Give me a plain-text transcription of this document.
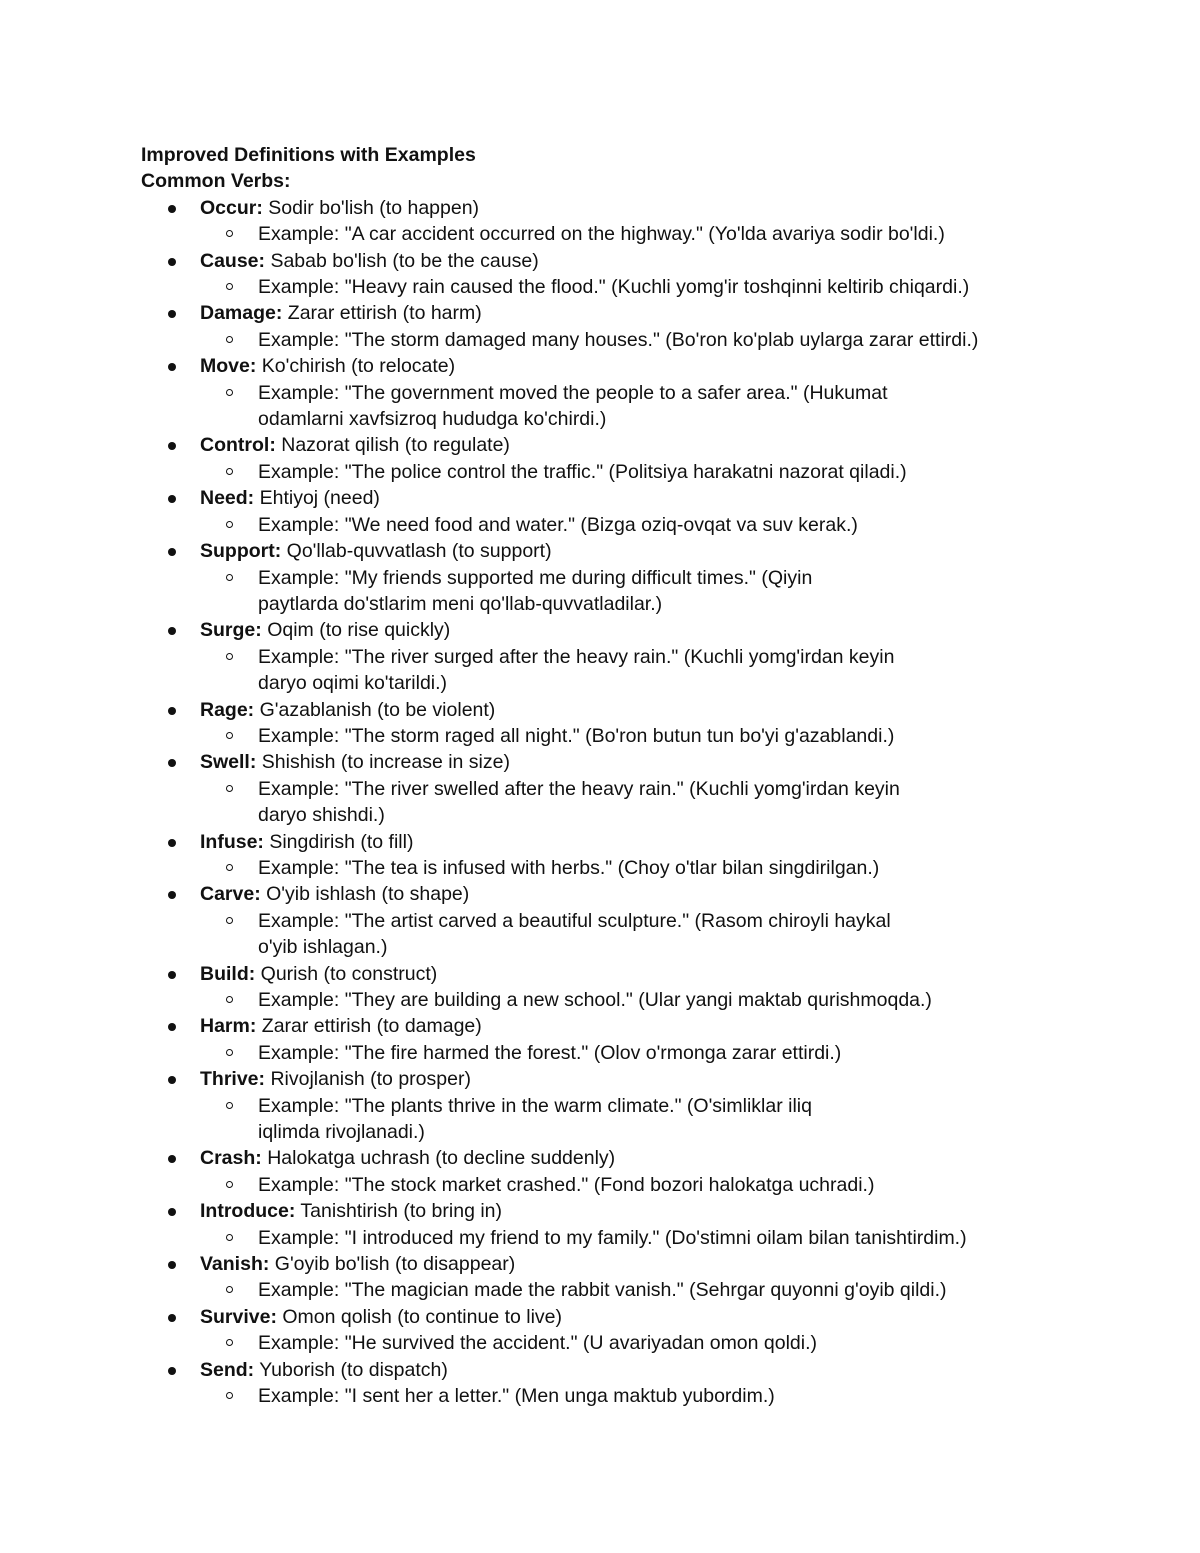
Improved Definitions with Examples
Common Verbs:
Occur: Sodir bo'lish (to happen)
Example: "A car accident occurred on the highway." (Yo'lda avariya sodir bo'ldi.)
Cause: Sabab bo'lish (to be the cause)
Example: "Heavy rain caused the flood." (Kuchli yomg'ir toshqinni keltirib chiqardi.)
Damage: Zarar ettirish (to harm)
Example: "The storm damaged many houses." (Bo'ron ko'plab uylarga zarar ettirdi.)
Move: Ko'chirish (to relocate)
Example: "The government moved the people to a safer area." (Hukumat
odamlarni xavfsizroq hududga ko'chirdi.)
Control: Nazorat qilish (to regulate)
Example: "The police control the traffic." (Politsiya harakatni nazorat qiladi.)
Need: Ehtiyoj (need)
Example: "We need food and water." (Bizga oziq-ovqat va suv kerak.)
Support: Qo'llab-quvvatlash (to support)
Example: "My friends supported me during difficult times." (Qiyin
paytlarda do'stlarim meni qo'llab-quvvatladilar.)
Surge: Oqim (to rise quickly)
Example: "The river surged after the heavy rain." (Kuchli yomg'irdan keyin
daryo oqimi ko'tarildi.)
Rage: G'azablanish (to be violent)
Example: "The storm raged all night." (Bo'ron butun tun bo'yi g'azablandi.)
Swell: Shishish (to increase in size)
Example: "The river swelled after the heavy rain." (Kuchli yomg'irdan keyin
daryo shishdi.)
Infuse: Singdirish (to fill)
Example: "The tea is infused with herbs." (Choy o'tlar bilan singdirilgan.)
Carve: O'yib ishlash (to shape)
Example: "The artist carved a beautiful sculpture." (Rasom chiroyli haykal
o'yib ishlagan.)
Build: Qurish (to construct)
Example: "They are building a new school." (Ular yangi maktab qurishmoqda.)
Harm: Zarar ettirish (to damage)
Example: "The fire harmed the forest." (Olov o'rmonga zarar ettirdi.)
Thrive: Rivojlanish (to prosper)
Example: "The plants thrive in the warm climate." (O'simliklar iliq
iqlimda rivojlanadi.)
Crash: Halokatga uchrash (to decline suddenly)
Example: "The stock market crashed." (Fond bozori halokatga uchradi.)
Introduce: Tanishtirish (to bring in)
Example: "I introduced my friend to my family." (Do'stimni oilam bilan tanishtirdim.)
Vanish: G'oyib bo'lish (to disappear)
Example: "The magician made the rabbit vanish." (Sehrgar quyonni g'oyib qildi.)
Survive: Omon qolish (to continue to live)
Example: "He survived the accident." (U avariyadan omon qoldi.)
Send: Yuborish (to dispatch)
Example: "I sent her a letter." (Men unga maktub yubordim.)
